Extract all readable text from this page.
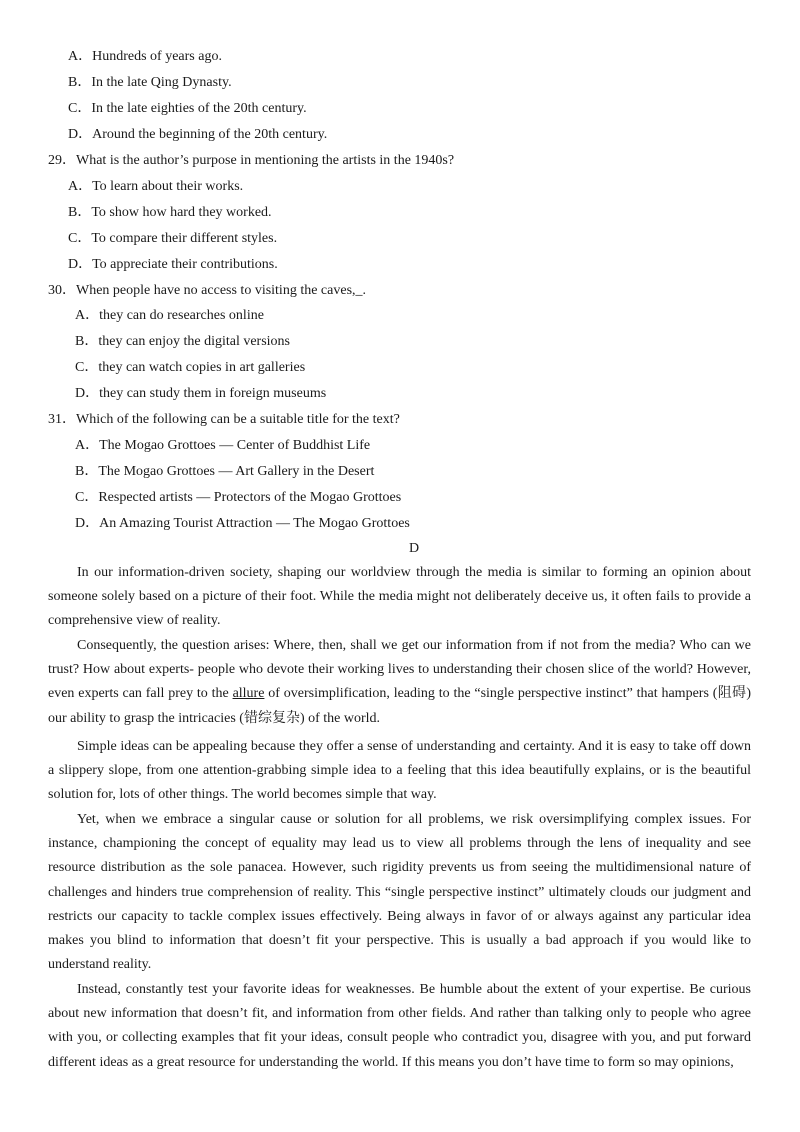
A．Hundreds of years ago.
B．In the late Qing Dynasty.
C．In the late eighties of the 20th century.
D．Around the beginning of the 20th century.
29．What is the author’s purpose in mentioning the artists in the 1940s?
A．To learn about their works.
B．To show how hard they worked.
C．To compare their different styles.
D．To appreciate their contributions.
30．When people have no access to visiting the caves,_.
A．they can do researches online
B．they can enjoy the digital versions
C．they can watch copies in art galleries
D．they can study them in foreign museums
31．Which of the following can be a suitable title for the text?
A．The Mogao Grottoes — Center of Buddhist Life
B．The Mogao Grottoes — Art Gallery in the Desert
C．Respected artists — Protectors of the Mogao Grottoes
D．An Amazing Tourist Attraction — The Mogao Grottoes
D
In our information-driven society, shaping our worldview through the media is similar to forming an opinion about someone solely based on a picture of their foot. While the media might not deliberately deceive us, it often fails to provide a comprehensive view of reality.
Consequently, the question arises: Where, then, shall we get our information from if not from the media? Who can we trust? How about experts- people who devote their working lives to understanding their chosen slice of the world? However, even experts can fall prey to the allure of oversimplification, leading to the “single perspective instinct” that hampers (阻碍) our ability to grasp the intricacies (错综复杂) of the world.
Simple ideas can be appealing because they offer a sense of understanding and certainty. And it is easy to take off down a slippery slope, from one attention-grabbing simple idea to a feeling that this idea beautifully explains, or is the beautiful solution for, lots of other things. The world becomes simple that way.
Yet, when we embrace a singular cause or solution for all problems, we risk oversimplifying complex issues. For instance, championing the concept of equality may lead us to view all problems through the lens of inequality and see resource distribution as the sole panacea. However, such rigidity prevents us from seeing the multidimensional nature of challenges and hinders true comprehension of reality. This “single perspective instinct” ultimately clouds our judgment and restricts our capacity to tackle complex issues effectively. Being always in favor of or always against any particular idea makes you blind to information that doesn’t fit your perspective. This is usually a bad approach if you would like to understand reality.
Instead, constantly test your favorite ideas for weaknesses. Be humble about the extent of your expertise. Be curious about new information that doesn’t fit, and information from other fields. And rather than talking only to people who agree with you, or collecting examples that fit your ideas, consult people who contradict you, disagree with you, and put forward different ideas as a great resource for understanding the world. If this means you don’t have time to form so may opinions,
